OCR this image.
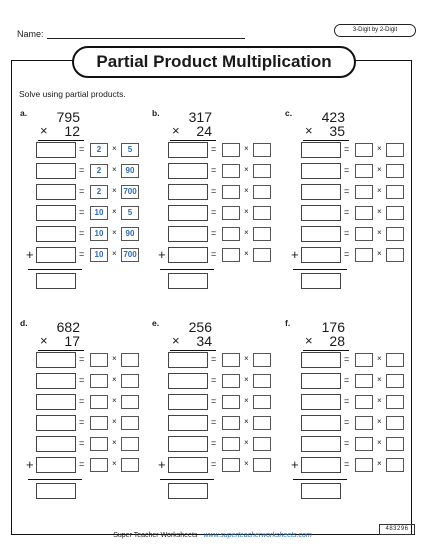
Name:	3-Digit by 2-Digit
Partial Product Multiplication
Solve using partial products.
a.	795
×	12
=	2	×	5
=	2	×	90
=	2	× 700
=	10	×	5
=	10	×	90
=	10	× 700
+
b.	317
×	24
=	×
=	×
=	×
=	×
=	×
=	×
+
c.	423
×	35
=	×
=	×
=	×
=	×
=	×
=	×
+
d.	682
×	17
=	×
=	×
=	×
=	×
=	×
=	×
+
e.	256
×	34
=	×
=	×
=	×
=	×
=	×
=	×
+
f.	176
×	28
=	×
=	×
=	×
=	×
=	×
=	×
+
Super Teacher Worksheets - www.superteacherworksheets.com
483296
